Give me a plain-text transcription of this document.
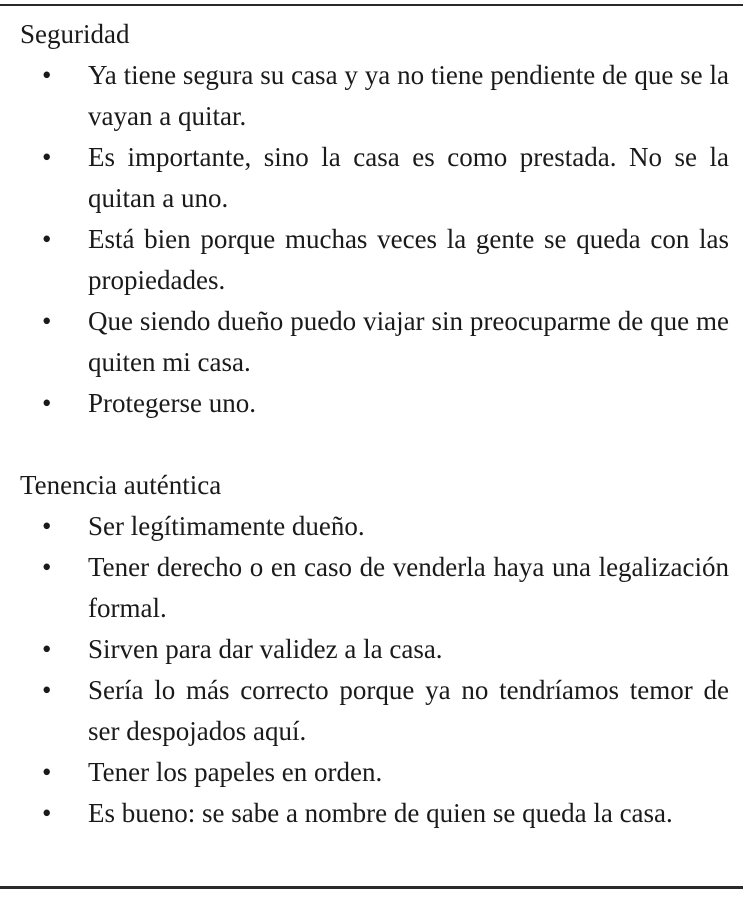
Seguridad
• Ya tiene segura su casa y ya no tiene pendiente de que se la vayan a quitar.
• Es importante, sino la casa es como prestada. No se la quitan a uno.
• Está bien porque muchas veces la gente se queda con las propiedades.
• Que siendo dueño puedo viajar sin preocuparme de que me quiten mi casa.
• Protegerse uno.
Tenencia auténtica
• Ser legítimamente dueño.
• Tener derecho o en caso de venderla haya una legalización formal.
• Sirven para dar validez a la casa.
• Sería lo más correcto porque ya no tendríamos temor de ser despojados aquí.
• Tener los papeles en orden.
• Es bueno: se sabe a nombre de quien se queda la casa.
